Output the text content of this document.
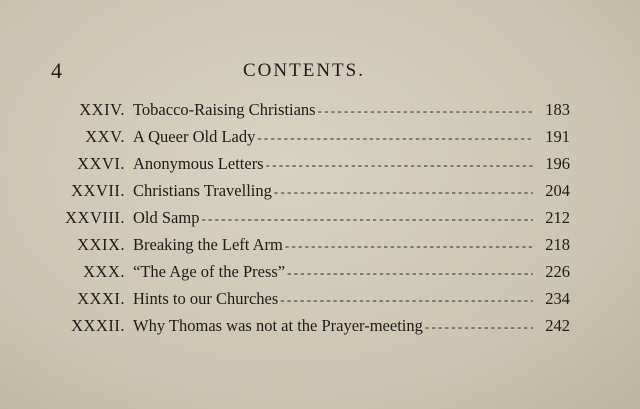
4	CONTENTS.
XXIV. Tobacco-Raising Christians - - -	183
XXV. A Queer Old Lady - - -	191
XXVI. Anonymous Letters - - -	196
XXVII. Christians Travelling - - -	204
XXVIII. Old Samp - - -	212
XXIX. Breaking the Left Arm - - -	218
XXX. “The Age of the Press” - - -	226
XXXI. Hints to our Churches - - -	234
XXXII. Why Thomas was not at the Prayer-meeting - - -	242
